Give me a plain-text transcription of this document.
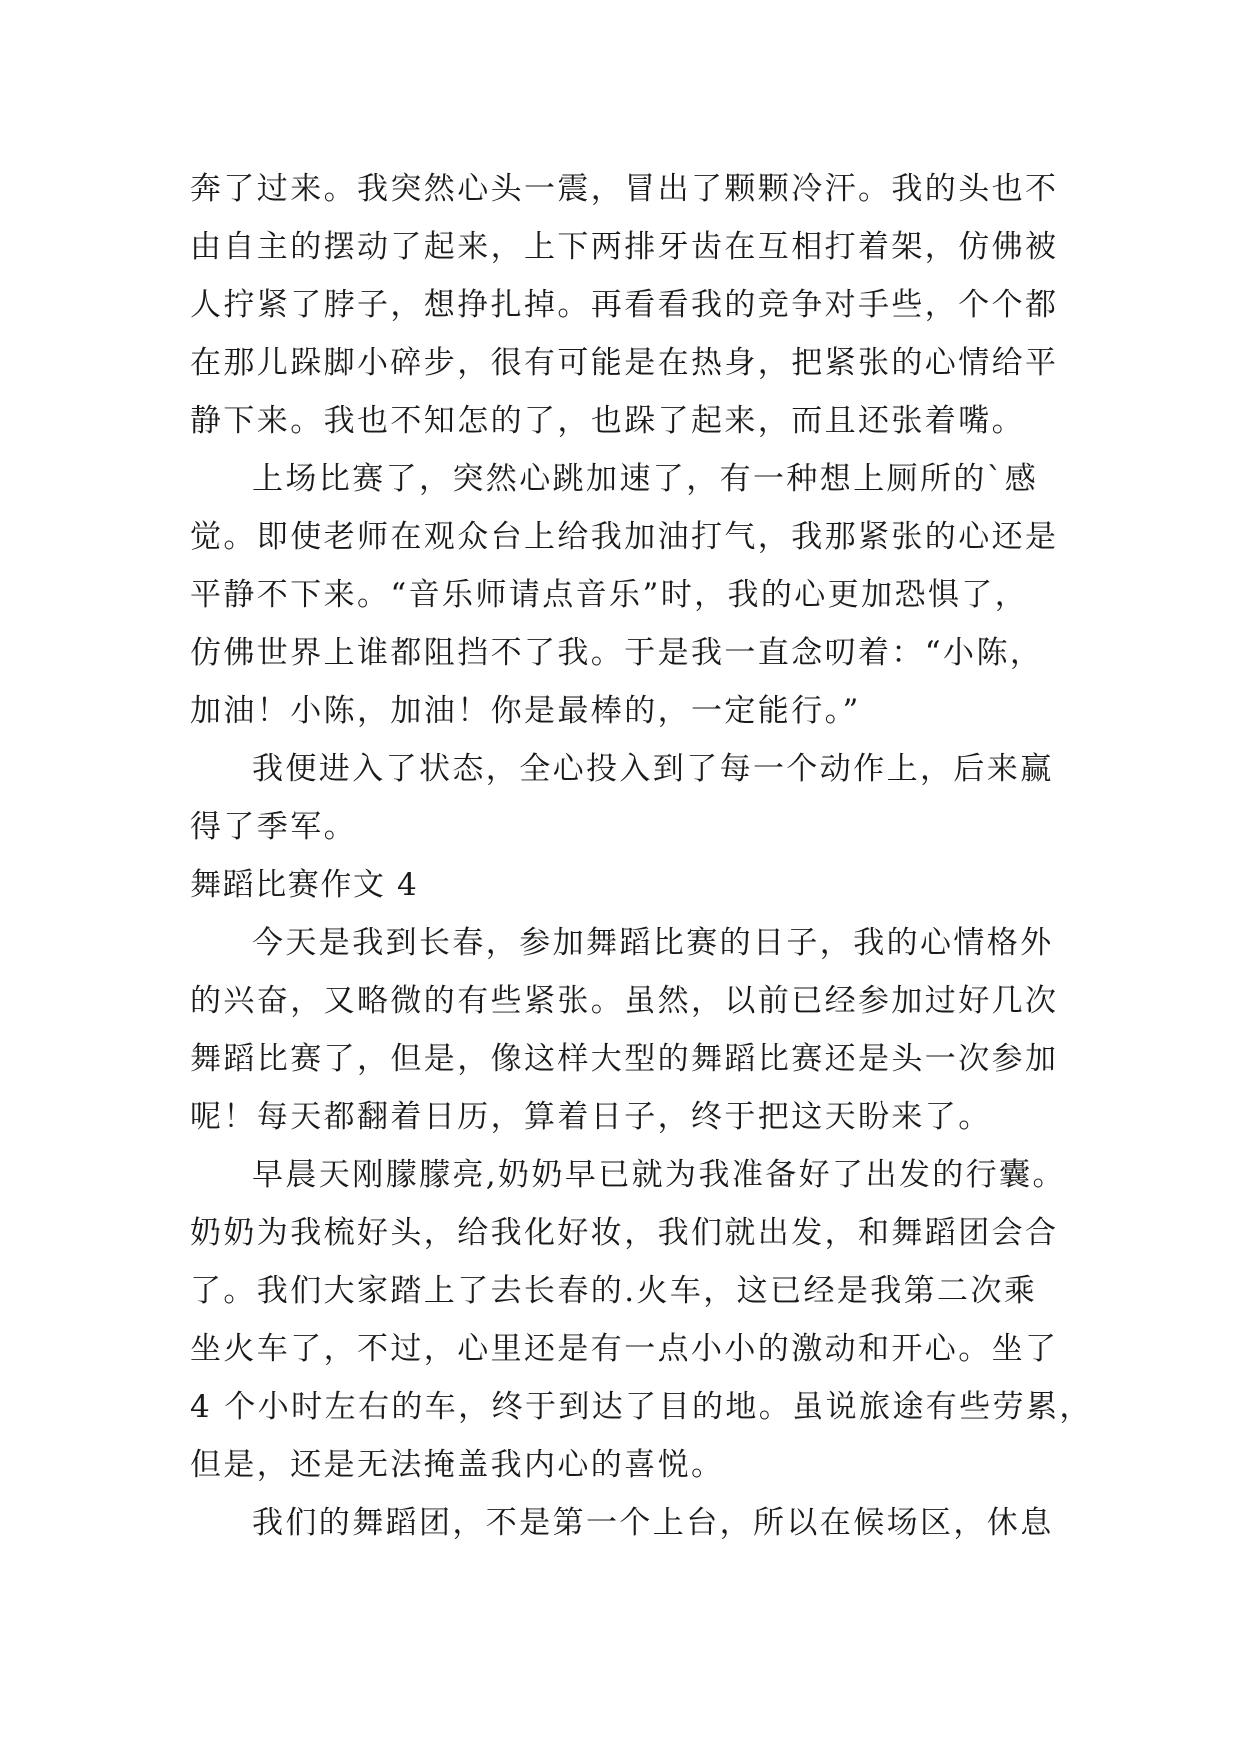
奔了过来。我突然心头一震，冒出了颗颗冷汗。我的头也不
由自主的摆动了起来，上下两排牙齿在互相打着架，仿佛被
人拧紧了脖子，想挣扎掉。再看看我的竞争对手些，个个都
在那儿跺脚小碎步，很有可能是在热身，把紧张的心情给平
静下来。我也不知怎的了，也跺了起来，而且还张着嘴。
上场比赛了，突然心跳加速了，有一种想上厕所的`感
觉。即使老师在观众台上给我加油打气，我那紧张的心还是
平静不下来。“音乐师请点音乐”时，我的心更加恐惧了，
仿佛世界上谁都阻挡不了我。于是我一直念叨着：“小陈，
加油！小陈，加油！你是最棒的，一定能行。”
我便进入了状态，全心投入到了每一个动作上，后来赢
得了季军。
舞蹈比赛作文 4
今天是我到长春，参加舞蹈比赛的日子，我的心情格外
的兴奋，又略微的有些紧张。虽然，以前已经参加过好几次
舞蹈比赛了，但是，像这样大型的舞蹈比赛还是头一次参加
呢！每天都翻着日历，算着日子，终于把这天盼来了。
早晨天刚朦朦亮,奶奶早已就为我准备好了出发的行囊。
奶奶为我梳好头，给我化好妆，我们就出发，和舞蹈团会合
了。我们大家踏上了去长春的.火车，这已经是我第二次乘
坐火车了，不过，心里还是有一点小小的激动和开心。坐了
4 个小时左右的车，终于到达了目的地。虽说旅途有些劳累，
但是，还是无法掩盖我内心的喜悦。
我们的舞蹈团，不是第一个上台，所以在候场区，休息
